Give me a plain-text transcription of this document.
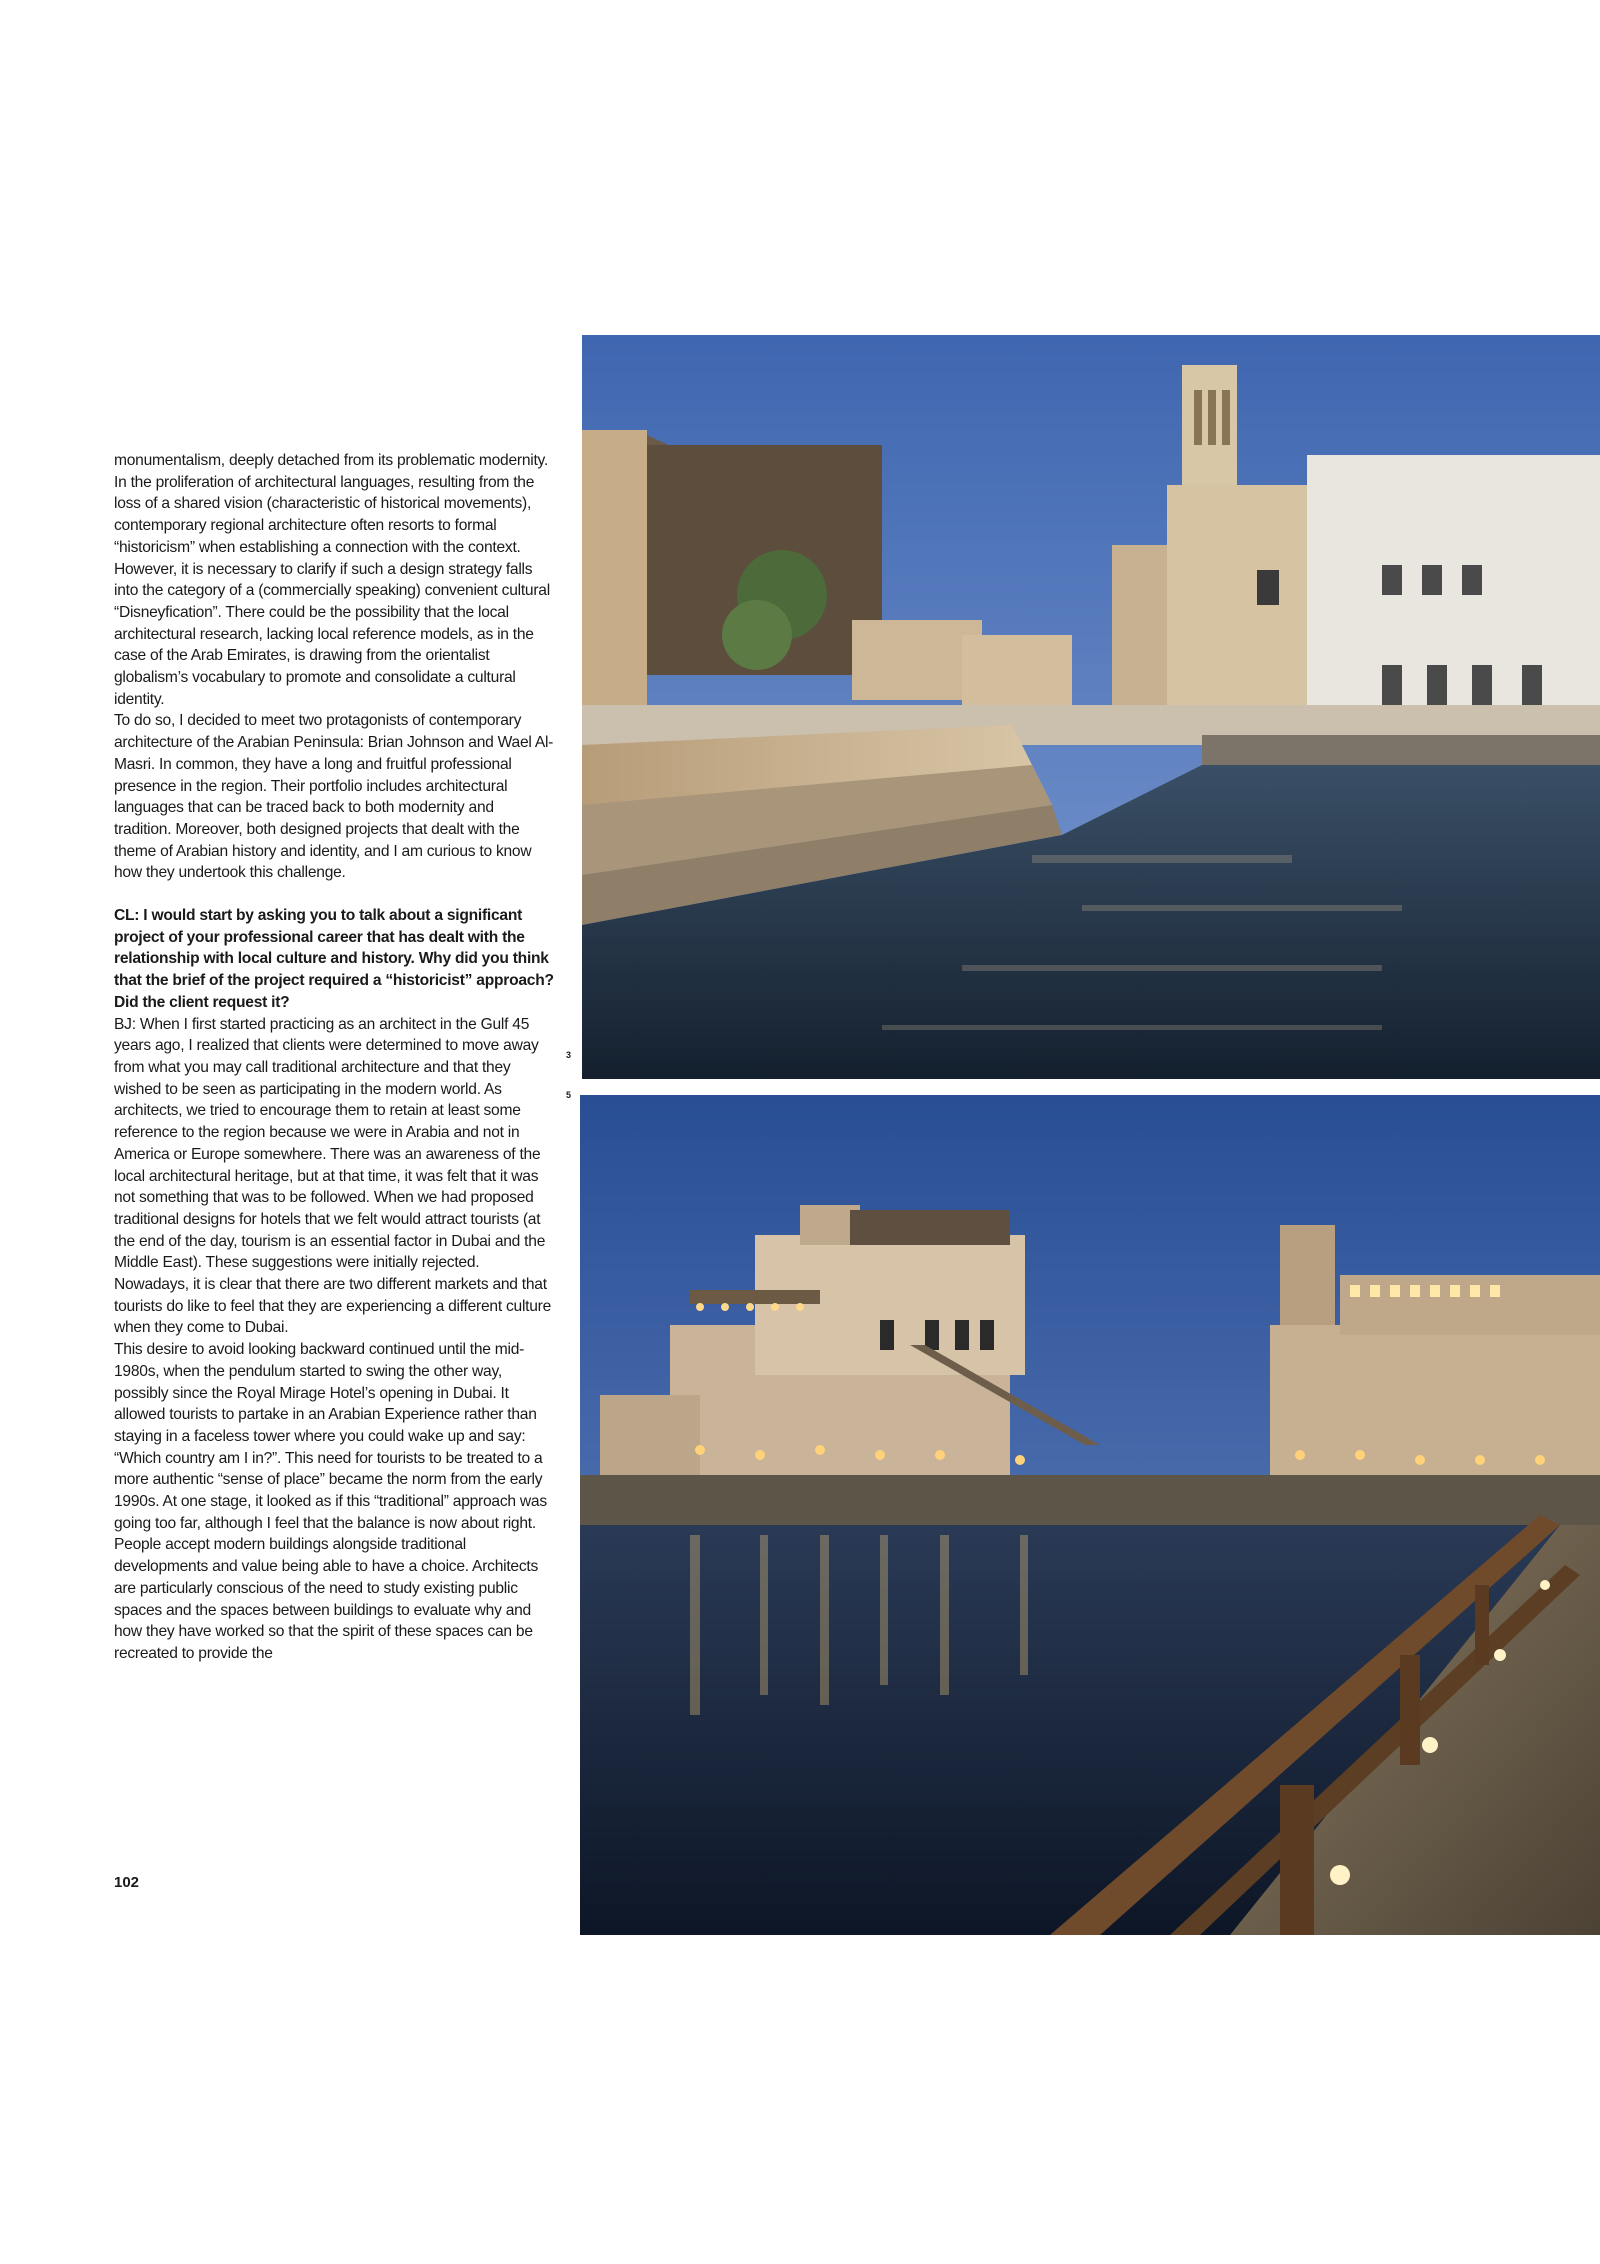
monumentalism, deeply detached from its problematic modernity. In the proliferation of architectural languages, resulting from the loss of a shared vision (characteristic of historical movements), contemporary regional architecture often resorts to formal “historicism” when establishing a connection with the context. However, it is necessary to clarify if such a design strategy falls into the category of a (commercially speaking) convenient cultural “Disneyfication”. There could be the possibility that the local architectural research, lacking local reference models, as in the case of the Arab Emirates, is drawing from the orientalist globalism’s vocabulary to promote and consolidate a cultural identity.

To do so, I decided to meet two protagonists of contemporary architecture of the Arabian Peninsula: Brian Johnson and Wael Al-Masri. In common, they have a long and fruitful professional presence in the region. Their portfolio includes architectural languages that can be traced back to both modernity and tradition. Moreover, both designed projects that dealt with the theme of Arabian history and identity, and I am curious to know how they undertook this challenge.

CL: I would start by asking you to talk about a significant project of your professional career that has dealt with the relationship with local culture and history. Why did you think that the brief of the project required a “historicist” approach? Did the client request it?

BJ: When I first started practicing as an architect in the Gulf 45 years ago, I realized that clients were determined to move away from what you may call traditional architecture and that they wished to be seen as participating in the modern world. As architects, we tried to encourage them to retain at least some reference to the region because we were in Arabia and not in America or Europe somewhere. There was an awareness of the local architectural heritage, but at that time, it was felt that it was not something that was to be followed. When we had proposed traditional designs for hotels that we felt would attract tourists (at the end of the day, tourism is an essential factor in Dubai and the Middle East). These suggestions were initially rejected. Nowadays, it is clear that there are two different markets and that tourists do like to feel that they are experiencing a different culture when they come to Dubai.

This desire to avoid looking backward continued until the mid-1980s, when the pendulum started to swing the other way, possibly since the Royal Mirage Hotel’s opening in Dubai. It allowed tourists to partake in an Arabian Experience rather than staying in a faceless tower where you could wake up and say: “Which country am I in?”. This need for tourists to be treated to a more authentic “sense of place” became the norm from the early 1990s. At one stage, it looked as if this “traditional” approach was going too far, although I feel that the balance is now about right. People accept modern buildings alongside traditional developments and value being able to have a choice. Architects are particularly conscious of the need to study existing public spaces and the spaces between buildings to evaluate why and how they have worked so that the spirit of these spaces can be recreated to provide the

102
3
5
